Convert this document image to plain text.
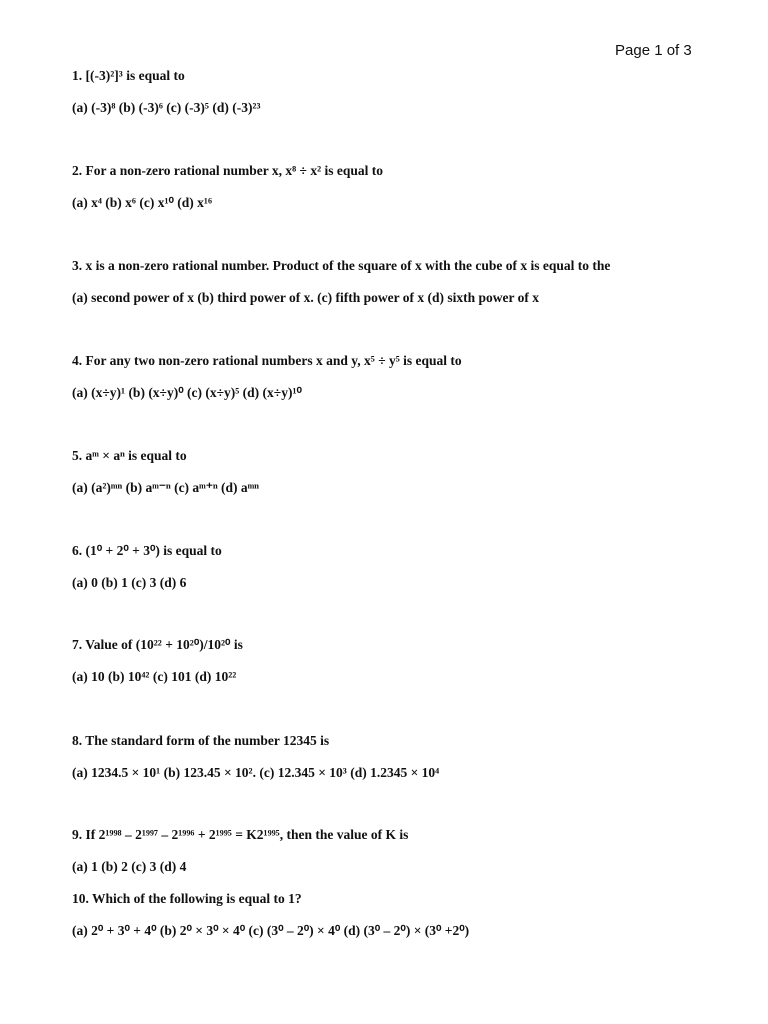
Page 1 of 3
1. [(-3)²]³ is equal to
(a) (-3)⁸ (b) (-3)⁶ (c) (-3)⁵ (d) (-3)²³
2. For a non-zero rational number x, x⁸ ÷ x² is equal to
(a) x⁴ (b) x⁶ (c) x¹⁰ (d) x¹⁶
3. x is a non-zero rational number. Product of the square of x with the cube of x is equal to the
(a) second power of x (b) third power of x. (c) fifth power of x (d) sixth power of x
4. For any two non-zero rational numbers x and y, x⁵ ÷ y⁵ is equal to
(a) (x÷y)¹ (b) (x÷y)⁰ (c) (x÷y)⁵ (d) (x÷y)¹⁰
5. aᵐ × aⁿ is equal to
(a) (a²)ᵐⁿ (b) aᵐ⁻ⁿ (c) aᵐ⁺ⁿ (d) aᵐⁿ
6. (1⁰ + 2⁰ + 3⁰) is equal to
(a) 0 (b) 1 (c) 3 (d) 6
7. Value of (10²² + 10²⁰)/10²⁰ is
(a) 10 (b) 10⁴² (c) 101 (d) 10²²
8. The standard form of the number 12345 is
(a) 1234.5 × 10¹ (b) 123.45 × 10². (c) 12.345 × 10³ (d) 1.2345 × 10⁴
9. If 2¹⁹⁹⁸ – 2¹⁹⁹⁷ – 2¹⁹⁹⁶ + 2¹⁹⁹⁵ = K2¹⁹⁹⁵, then the value of K is
(a) 1 (b) 2 (c) 3 (d) 4
10. Which of the following is equal to 1?
(a) 2⁰ + 3⁰ + 4⁰ (b) 2⁰ × 3⁰ × 4⁰ (c) (3⁰ – 2⁰) × 4⁰ (d) (3⁰ – 2⁰) × (3⁰ +2⁰)
